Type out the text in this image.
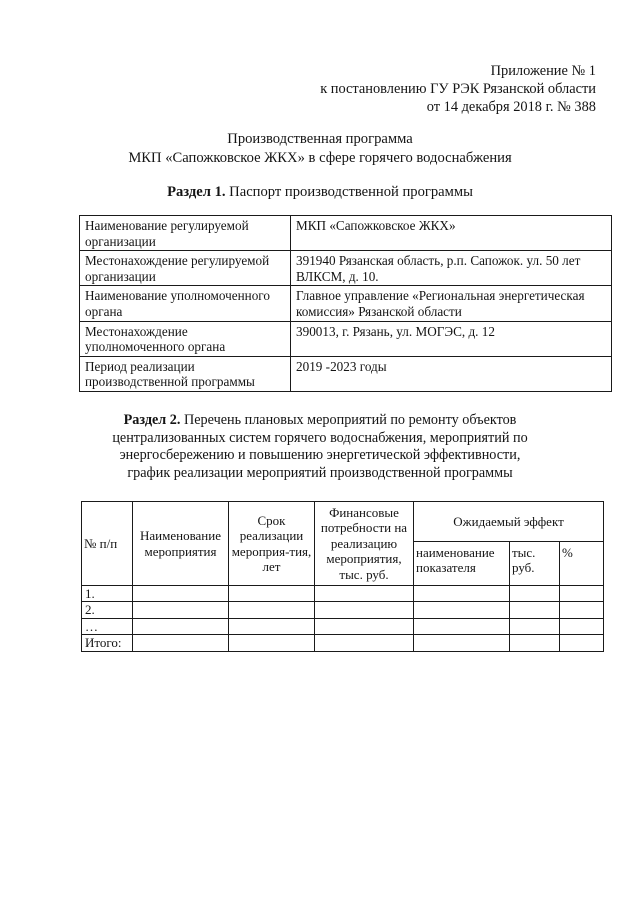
Приложение № 1
к постановлению ГУ РЭК Рязанской области
от 14 декабря 2018 г. № 388
Производственная программа
МКП «Сапожковское ЖКХ» в сфере горячего водоснабжения
Раздел 1. Паспорт производственной программы
Наименование регулируемой организации	МКП «Сапожковское ЖКХ»
Местонахождение регулируемой организации	391940 Рязанская область, р.п. Сапожок. ул. 50 лет ВЛКСМ, д. 10.
Наименование уполномоченного органа	Главное управление «Региональная энергетическая комиссия» Рязанской области
Местонахождение уполномоченного органа	390013, г. Рязань, ул. МОГЭС, д. 12
Период реализации производственной программы	2019 -2023 годы
Раздел 2. Перечень плановых мероприятий по ремонту объектов
централизованных систем горячего водоснабжения, мероприятий по
энергосбережению и повышению энергетической эффективности,
график реализации мероприятий производственной программы
№ п/п	Наименование мероприятия	Срок реализации мероприя-тия, лет	Финансовые потребности на реализацию мероприятия, тыс. руб.	Ожидаемый эффект		
				наименование показателя	тыс. руб.	%
1.						
2.						
…						
Итого:						
